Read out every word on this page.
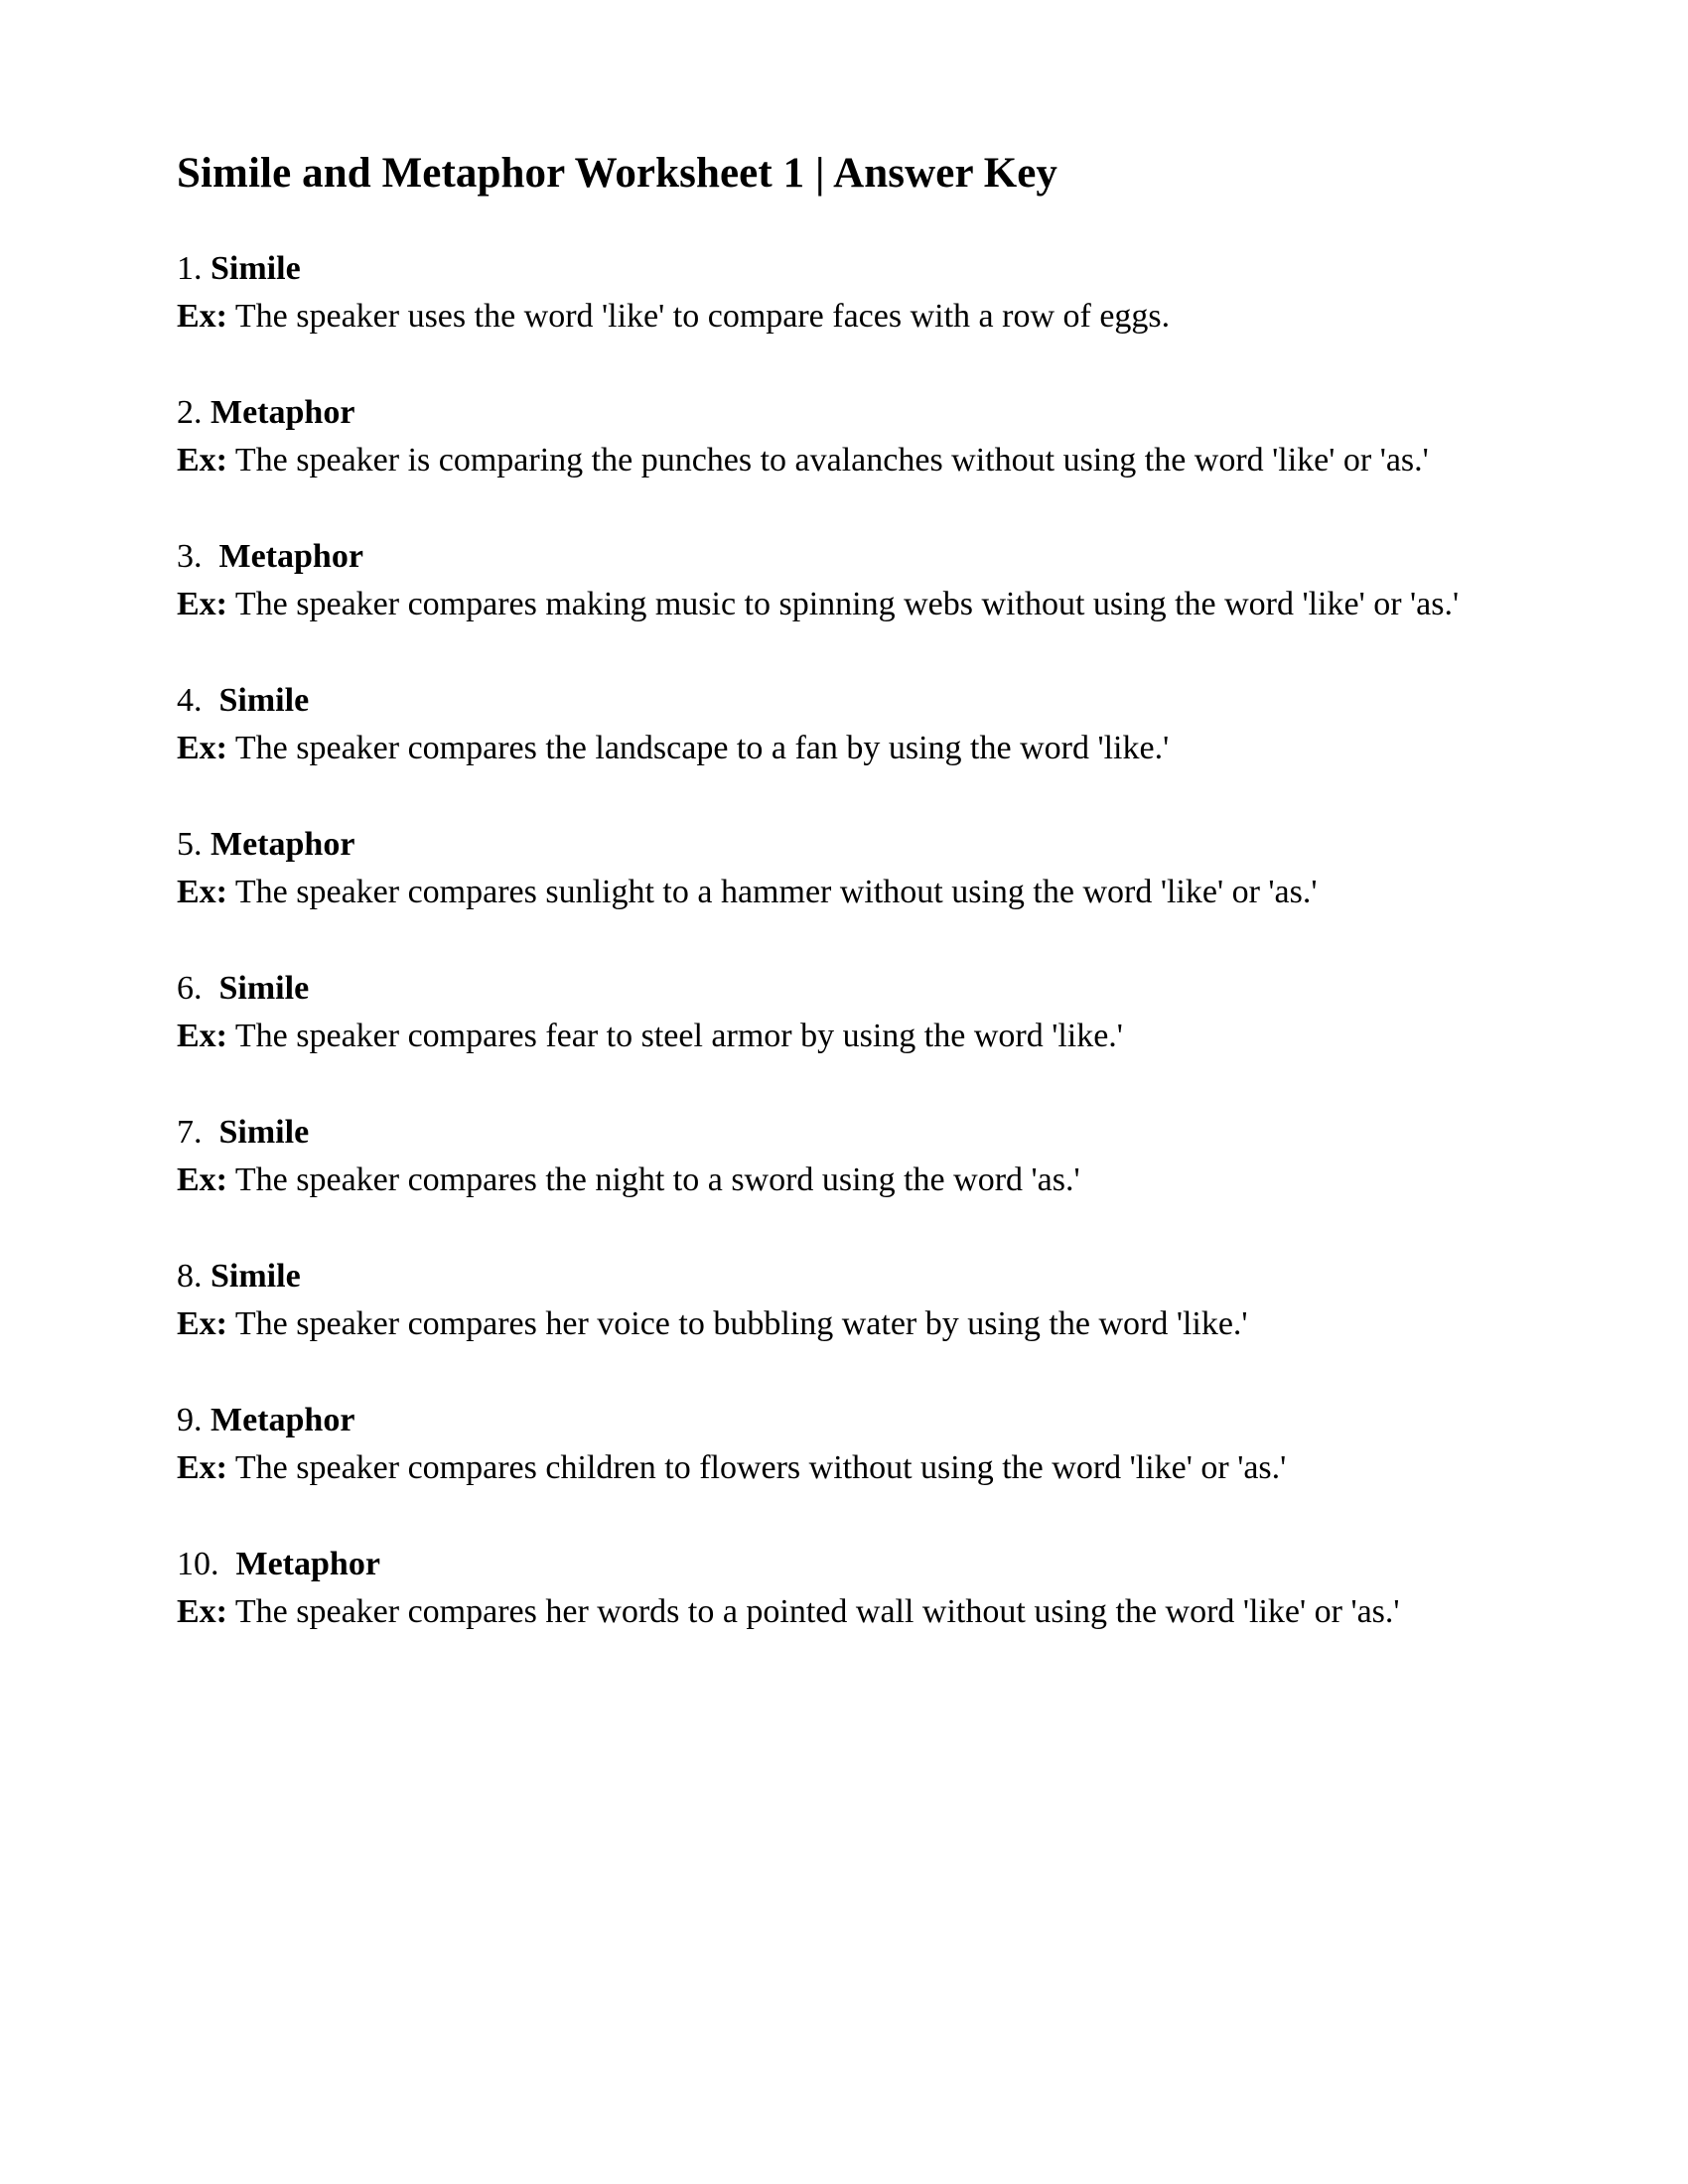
Simile and Metaphor Worksheet 1 | Answer Key

1. Simile

Ex: The speaker uses the word 'like' to compare faces with a row of eggs.

2. Metaphor

Ex: The speaker is comparing the punches to avalanches without using the word 'like' or 'as.'

3. Metaphor

Ex: The speaker compares making music to spinning webs without using the word 'like' or 'as.'

4. Simile

Ex: The speaker compares the landscape to a fan by using the word 'like.'

5. Metaphor

Ex: The speaker compares sunlight to a hammer without using the word 'like' or 'as.'

6. Simile

Ex: The speaker compares fear to steel armor by using the word 'like.'

7. Simile

Ex: The speaker compares the night to a sword using the word 'as.'

8. Simile

Ex: The speaker compares her voice to bubbling water by using the word 'like.'

9. Metaphor

Ex: The speaker compares children to flowers without using the word 'like' or 'as.'

10. Metaphor

Ex: The speaker compares her words to a pointed wall without using the word 'like' or 'as.'
